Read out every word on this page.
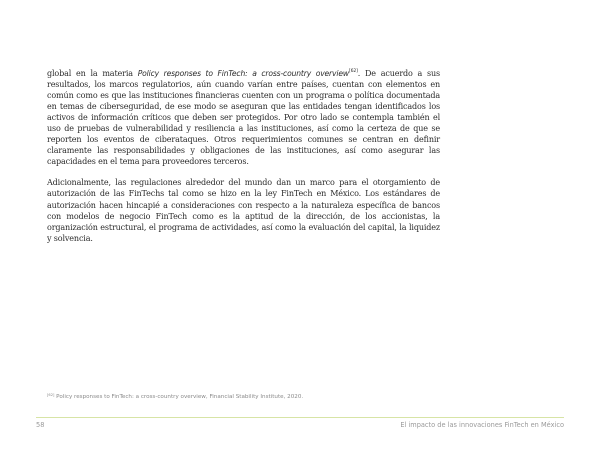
global en la materia Policy responses to FinTech: a cross-country overview[62]. De acuerdo a sus resultados, los marcos regulatorios, aún cuando varían entre países, cuentan con elementos en común como es que las instituciones financieras cuenten con un programa o política documentada en temas de ciberseguridad, de ese modo se aseguran que las entidades tengan identificados los activos de información críticos que deben ser protegidos. Por otro lado se contempla también el uso de pruebas de vulnerabilidad y resiliencia a las instituciones, así como la certeza de que se reporten los eventos de ciberataques. Otros requerimientos comunes se centran en definir claramente las responsabilidades y obligaciones de las instituciones, así como asegurar las capacidades en el tema para proveedores terceros.

Adicionalmente, las regulaciones alrededor del mundo dan un marco para el otorgamiento de autorización de las FinTechs tal como se hizo en la ley FinTech en México. Los estándares de autorización hacen hincapié a consideraciones con respecto a la naturaleza específica de bancos con modelos de negocio FinTech como es la aptitud de la dirección, de los accionistas, la organización estructural, el programa de actividades, así como la evaluación del capital, la liquidez y solvencia.

[62] Policy responses to FinTech: a cross-country overview, Financial Stability Institute, 2020.
58	El impacto de las innovaciones FinTech en México
